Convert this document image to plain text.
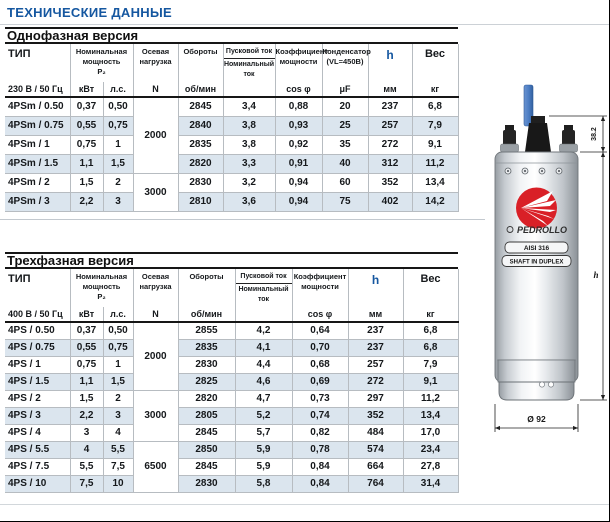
ТЕХНИЧЕСКИЕ ДАННЫЕ
Однофазная версия
ТИП	Номинальная
мощность
P₂		Осевая
нагрузка	Обороты	$\frac{\text{Пусковой ток}}{\text{Номинальный ток}}$	Коэффициент
мощности	Конденсатор
(VL=450В)	h	Вес
230 В / 50 Гц	кВт	л.с.	N	об/мин		cos φ	μF	мм	кг
4PSm / 0.50	0,37	0,50	2000	2845	3,4	0,88	20	237	6,8
4PSm / 0.75	0,55	0,75		2840	3,8	0,93	25	257	7,9
4PSm / 1	0,75	1		2835	3,8	0,92	35	272	9,1
4PSm / 1.5	1,1	1,5		2820	3,3	0,91	40	312	11,2
4PSm / 2	1,5	2	3000	2830	3,2	0,94	60	352	13,4
4PSm / 3	2,2	3		2810	3,6	0,94	75	402	14,2
Трехфазная версия
ТИП	Номинальная
мощность
P₂		Осевая
нагрузка	Обороты	$\frac{\text{Пусковой ток}}{\text{Номинальный ток}}$	Коэффициент
мощности	h	Вес
400 В / 50 Гц	кВт	л.с.	N	об/мин		cos φ	мм	кг
4PS / 0.50	0,37	0,50	2000	2855	4,2	0,64	237	6,8
4PS / 0.75	0,55	0,75		2835	4,1	0,70	237	6,8
4PS / 1	0,75	1		2830	4,4	0,68	257	7,9
4PS / 1.5	1,1	1,5		2825	4,6	0,69	272	9,1
4PS / 2	1,5	2	3000	2820	4,7	0,73	297	11,2
4PS / 3	2,2	3		2805	5,2	0,74	352	13,4
4PS / 4	3	4		2845	5,7	0,82	484	17,0
4PS / 5.5	4	5,5	6500	2850	5,9	0,78	574	23,4
4PS / 7.5	5,5	7,5		2845	5,9	0,84	664	27,8
4PS / 10	7,5	10		2830	5,8	0,84	764	31,4
PEDROLLO
AISI 316
SHAFT IN DUPLEX
38.2
h
Ø 92
